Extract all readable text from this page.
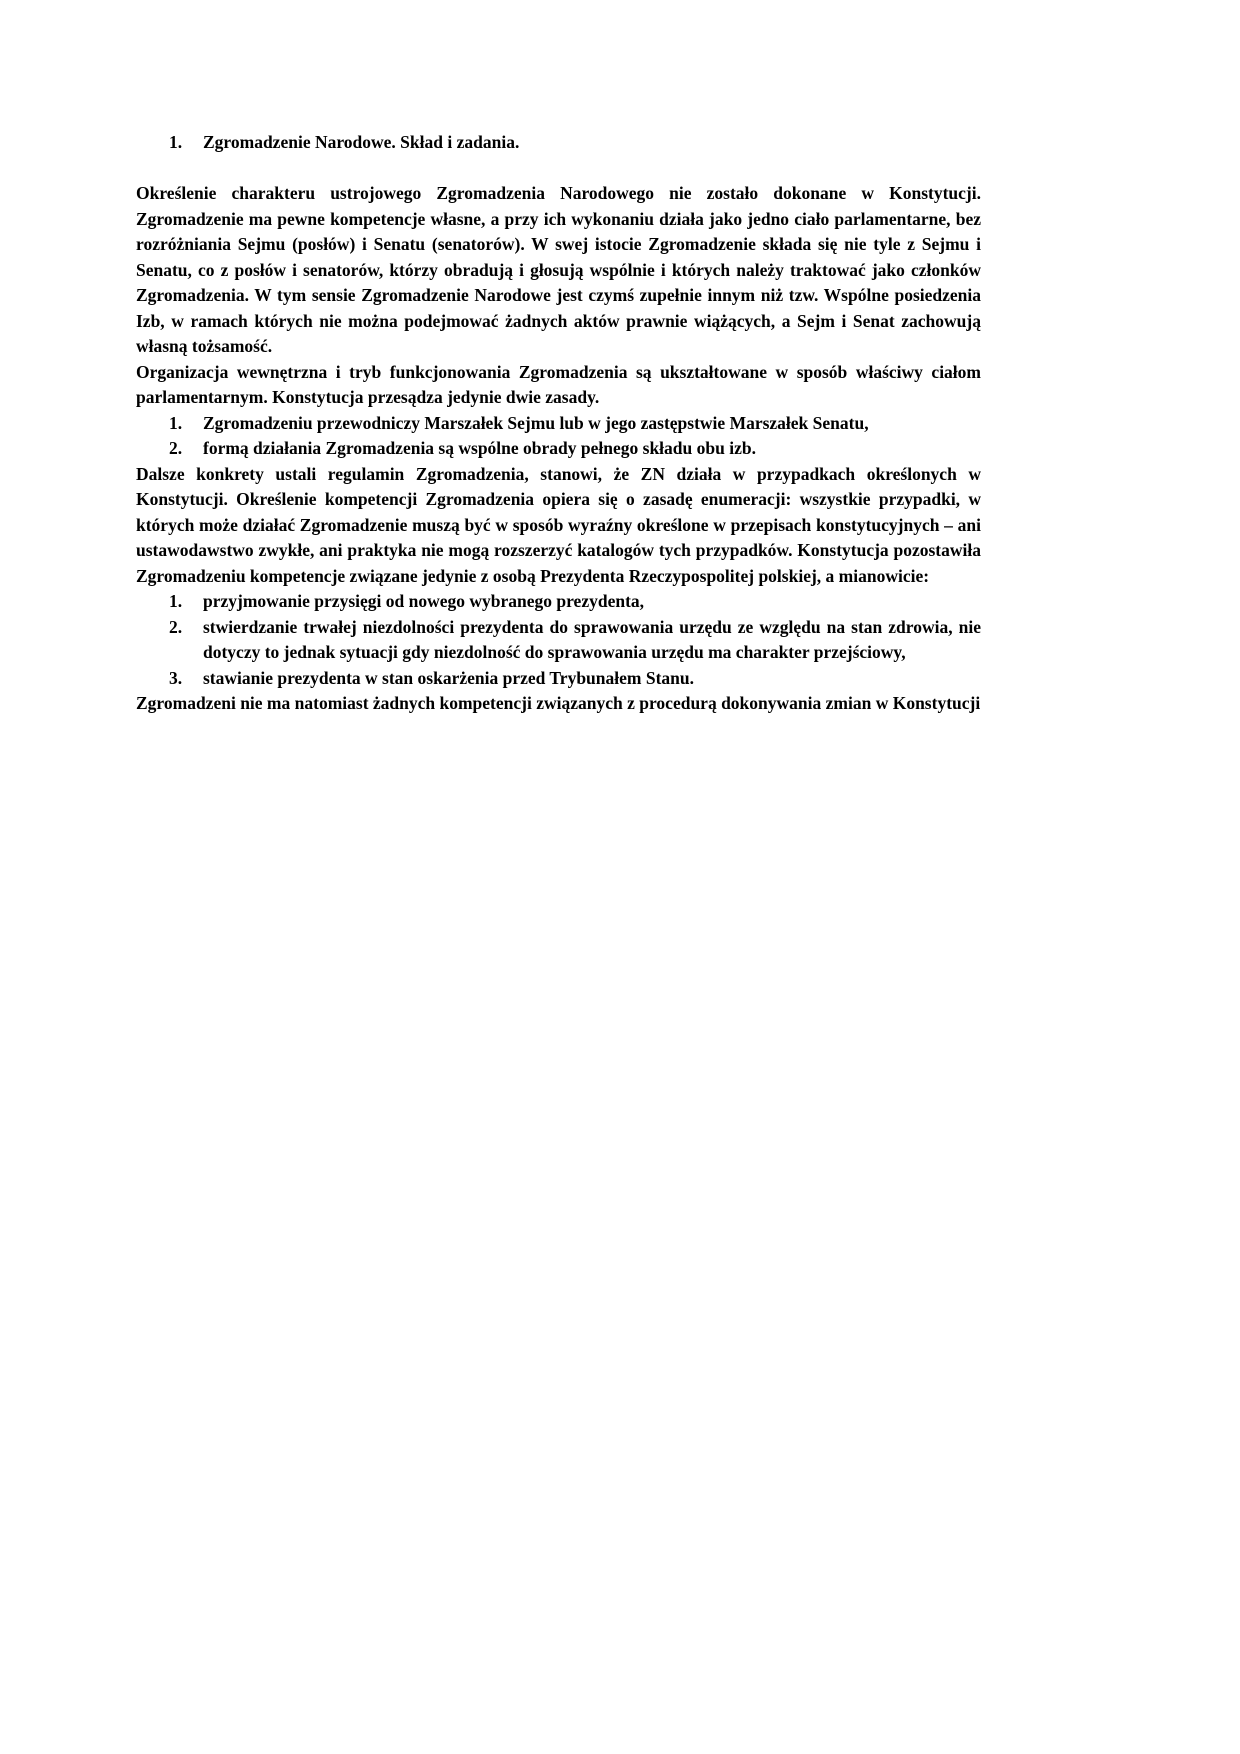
1.	Zgromadzenie Narodowe. Skład i zadania.

Określenie charakteru ustrojowego Zgromadzenia Narodowego nie zostało dokonane w Konstytucji. Zgromadzenie ma pewne kompetencje własne, a przy ich wykonaniu działa jako jedno ciało parlamentarne, bez rozróżniania Sejmu (posłów) i Senatu (senatorów). W swej istocie Zgromadzenie składa się nie tyle z Sejmu i Senatu, co z posłów i senatorów, którzy obradują i głosują wspólnie i których należy traktować jako członków Zgromadzenia. W tym sensie Zgromadzenie Narodowe jest czymś zupełnie innym niż tzw. Wspólne posiedzenia Izb, w ramach których nie można podejmować żadnych aktów prawnie wiążących, a Sejm i Senat zachowują własną tożsamość.

Organizacja wewnętrzna i tryb funkcjonowania Zgromadzenia są ukształtowane w sposób właściwy ciałom parlamentarnym. Konstytucja przesądza jedynie dwie zasady.

1.	Zgromadzeniu przewodniczy Marszałek Sejmu lub w jego zastępstwie Marszałek Senatu,
2.	formą działania Zgromadzenia są wspólne obrady pełnego składu obu izb.

Dalsze konkrety ustali regulamin Zgromadzenia, stanowi, że ZN działa w przypadkach określonych w Konstytucji. Określenie kompetencji Zgromadzenia opiera się o zasadę enumeracji: wszystkie przypadki, w których może działać Zgromadzenie muszą być w sposób wyraźny określone w przepisach konstytucyjnych – ani ustawodawstwo zwykłe, ani praktyka nie mogą rozszerzyć katalogów tych przypadków. Konstytucja pozostawiła Zgromadzeniu kompetencje związane jedynie z osobą Prezydenta Rzeczypospolitej polskiej, a mianowicie:

1.	przyjmowanie przysięgi od nowego wybranego prezydenta,
2.	stwierdzanie trwałej niezdolności prezydenta do sprawowania urzędu ze względu na stan zdrowia, nie dotyczy to jednak sytuacji gdy niezdolność do sprawowania urzędu ma charakter przejściowy,
3.	stawianie prezydenta w stan oskarżenia przed Trybunałem Stanu.

Zgromadzeni nie ma natomiast żadnych kompetencji związanych z procedurą dokonywania zmian w Konstytucji
